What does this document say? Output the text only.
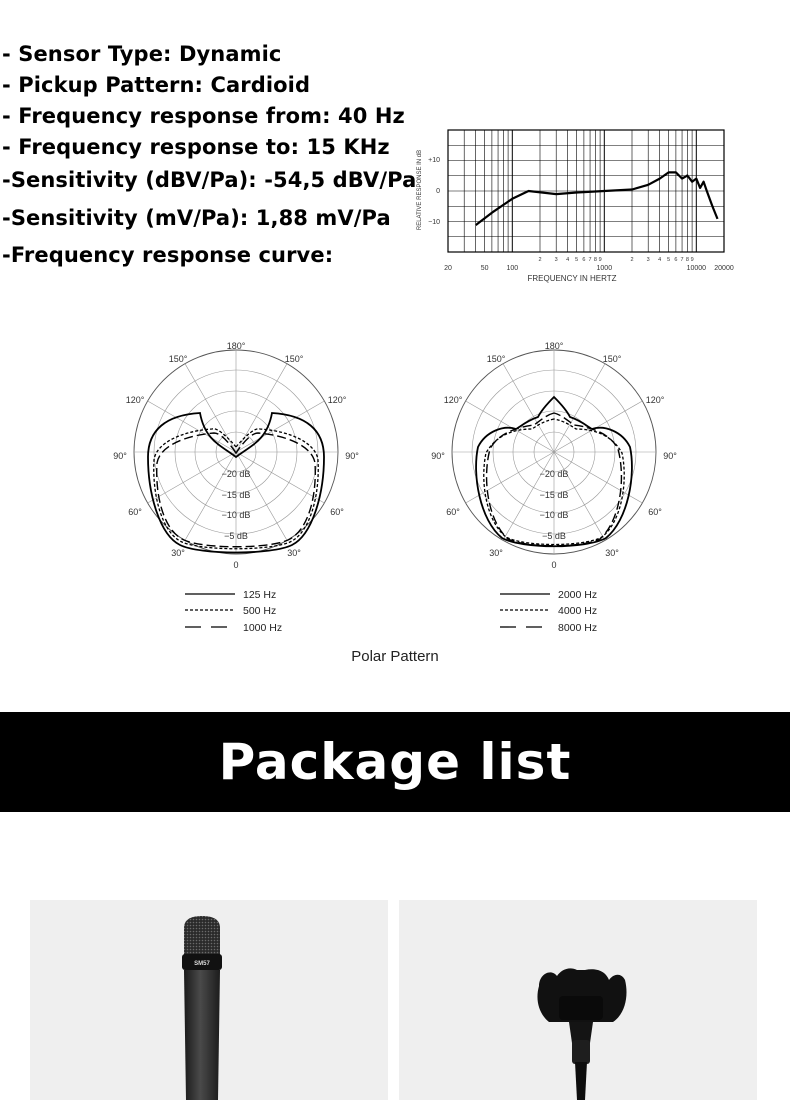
- Sensor Type: Dynamic
- Pickup Pattern: Cardioid
- Frequency response from: 40 Hz
- Frequency response to: 15 KHz
-Sensitivity (dBV/Pa): -54,5 dBV/Pa
-Sensitivity (mV/Pa): 1,88 mV/Pa
-Frequency response curve:
RELATIVE RESPONSE IN dB +10
0
−10
20	50	100	1000	10000 20000
2 3 4 5 6 7 8 9	2 3 4 5 6 7 8 9
FREQUENCY IN HERTZ
180°
150°	150°
120°	120°
90°	90°
60°	60°
30°	30°
0
−20 dB
−15 dB
−10 dB
−5 dB
125 Hz
500 Hz
1000 Hz
180°
150°	150°
120°	120°
90°	90°
60°	60°
30°	30°
0
−20 dB
−15 dB
−10 dB
−5 dB
2000 Hz
4000 Hz
8000 Hz
Polar Pattern
Package list
SM57
